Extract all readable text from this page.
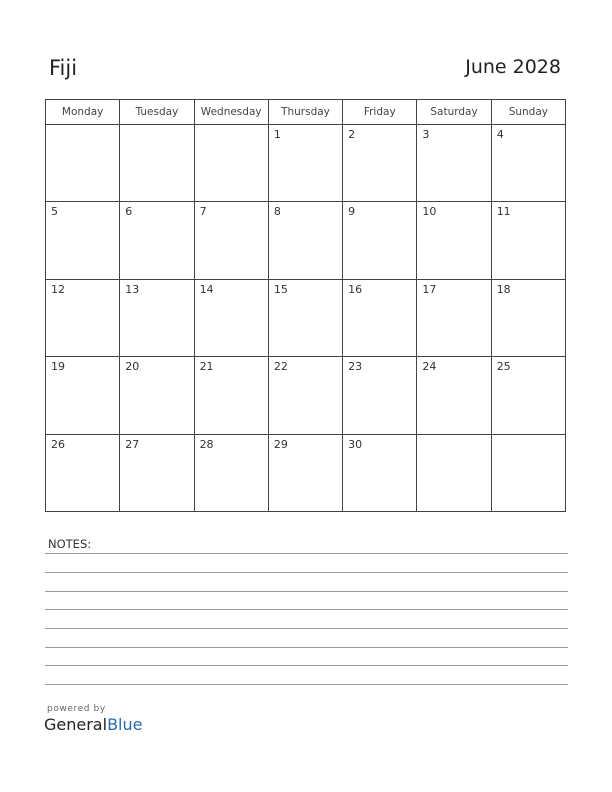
Fiji	June 2028
Monday	Tuesday	Wednesday	Thursday	Friday	Saturday	Sunday

			1	2	3	4

5	6	7	8	9	10	11

12	13	14	15	16	17	18

19	20	21	22	23	24	25

26	27	28	29	30		

NOTES:
powered by
GeneralBlue
